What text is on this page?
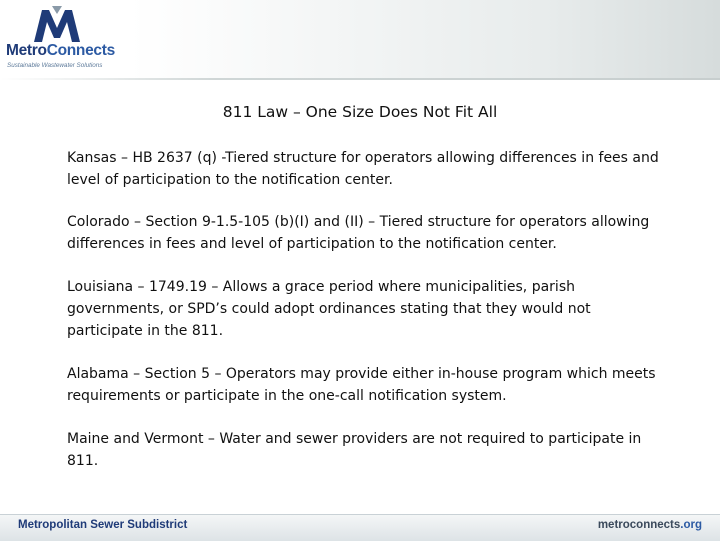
MetroConnects
Sustainable Wastewater Solutions
811 Law – One Size Does Not Fit All
Kansas – HB 2637 (q) -Tiered structure for operators allowing differences in fees and level of participation to the notification center.
Colorado – Section 9-1.5-105 (b)(I) and (II) – Tiered structure for operators allowing differences in fees and level of participation to the notification center.
Louisiana – 1749.19 – Allows a grace period where municipalities, parish governments, or SPD’s could adopt ordinances stating that they would not participate in the 811.
Alabama – Section 5 – Operators may provide either in-house program which meets requirements or participate in the one-call notification system.
Maine and Vermont – Water and sewer providers are not required to participate in 811.
Metropolitan Sewer Subdistrict	metroconnects.org
